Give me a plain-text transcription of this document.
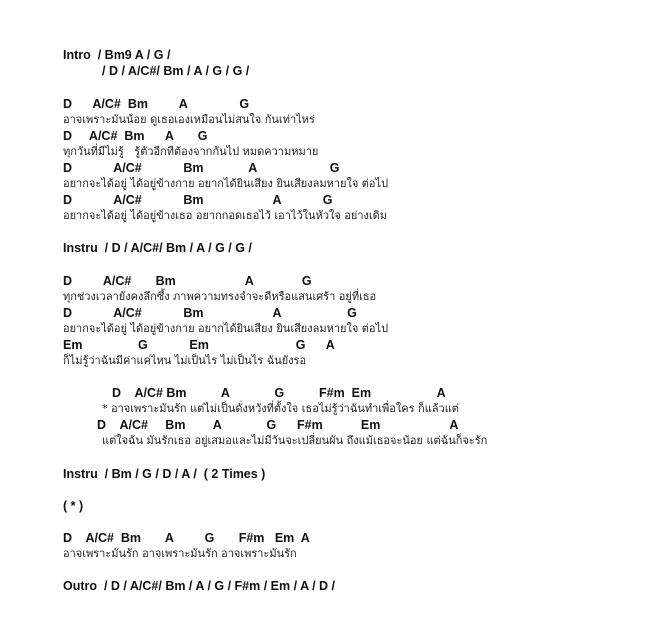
Intro  / Bm9 A / G /
/ D / A/C#/ Bm / A / G / G /
D      A/C#  Bm         A               G
อาจเพราะมันน้อย ดูเธอเองเหมือนไม่สนใจ กันเท่าไหร่
D     A/C#  Bm      A       G
ทุกวันที่มีไม่รู้   รู้ตัวอีกทีต้องจากกันไป หมดความหมาย
D            A/C#            Bm             A                     G
อยากจะได้อยู่ ได้อยู่ข้างกาย อยากได้ยินเสียง ยินเสียงลมหายใจ ต่อไป
D            A/C#            Bm                    A            G
อยากจะได้อยู่ ได้อยู่ข้างเธอ อยากกอดเธอไว้ เอาไว้ในหัวใจ อย่างเดิม
Instru  / D / A/C#/ Bm / A / G / G /
D         A/C#       Bm                    A              G
ทุกช่วงเวลายังคงลึกซึ้ง ภาพความทรงจำจะดีหรือแสนเศร้า อยู่ที่เธอ
D            A/C#            Bm                    A                   G
อยากจะได้อยู่ ได้อยู่ข้างกาย อยากได้ยินเสียง ยินเสียงลมหายใจ ต่อไป
Em                G            Em                         G      A
ก็ไม่รู้ว่าฉันมีค่าแค่ไหน ไม่เป็นไร ไม่เป็นไร ฉันยังรอ
D    A/C# Bm          A             G          F#m  Em                   A
* อาจเพราะมันรัก แต่ไม่เป็นดั่งหวังที่ตั้งใจ เธอไม่รู้ว่าฉันทำเพื่อใคร ก็แล้วแต่
D    A/C#     Bm        A             G      F#m           Em                    A
แต่ใจฉัน มันรักเธอ อยู่เสมอและไม่มีวันจะเปลี่ยนผัน ถึงแม้เธอจะน้อย แต่ฉันก็จะรัก
Instru  / Bm / G / D / A /  ( 2 Times )
( * )
D    A/C#  Bm       A         G       F#m   Em  A
อาจเพราะมันรัก อาจเพราะมันรัก อาจเพราะมันรัก
Outro  / D / A/C#/ Bm / A / G / F#m / Em / A / D /
